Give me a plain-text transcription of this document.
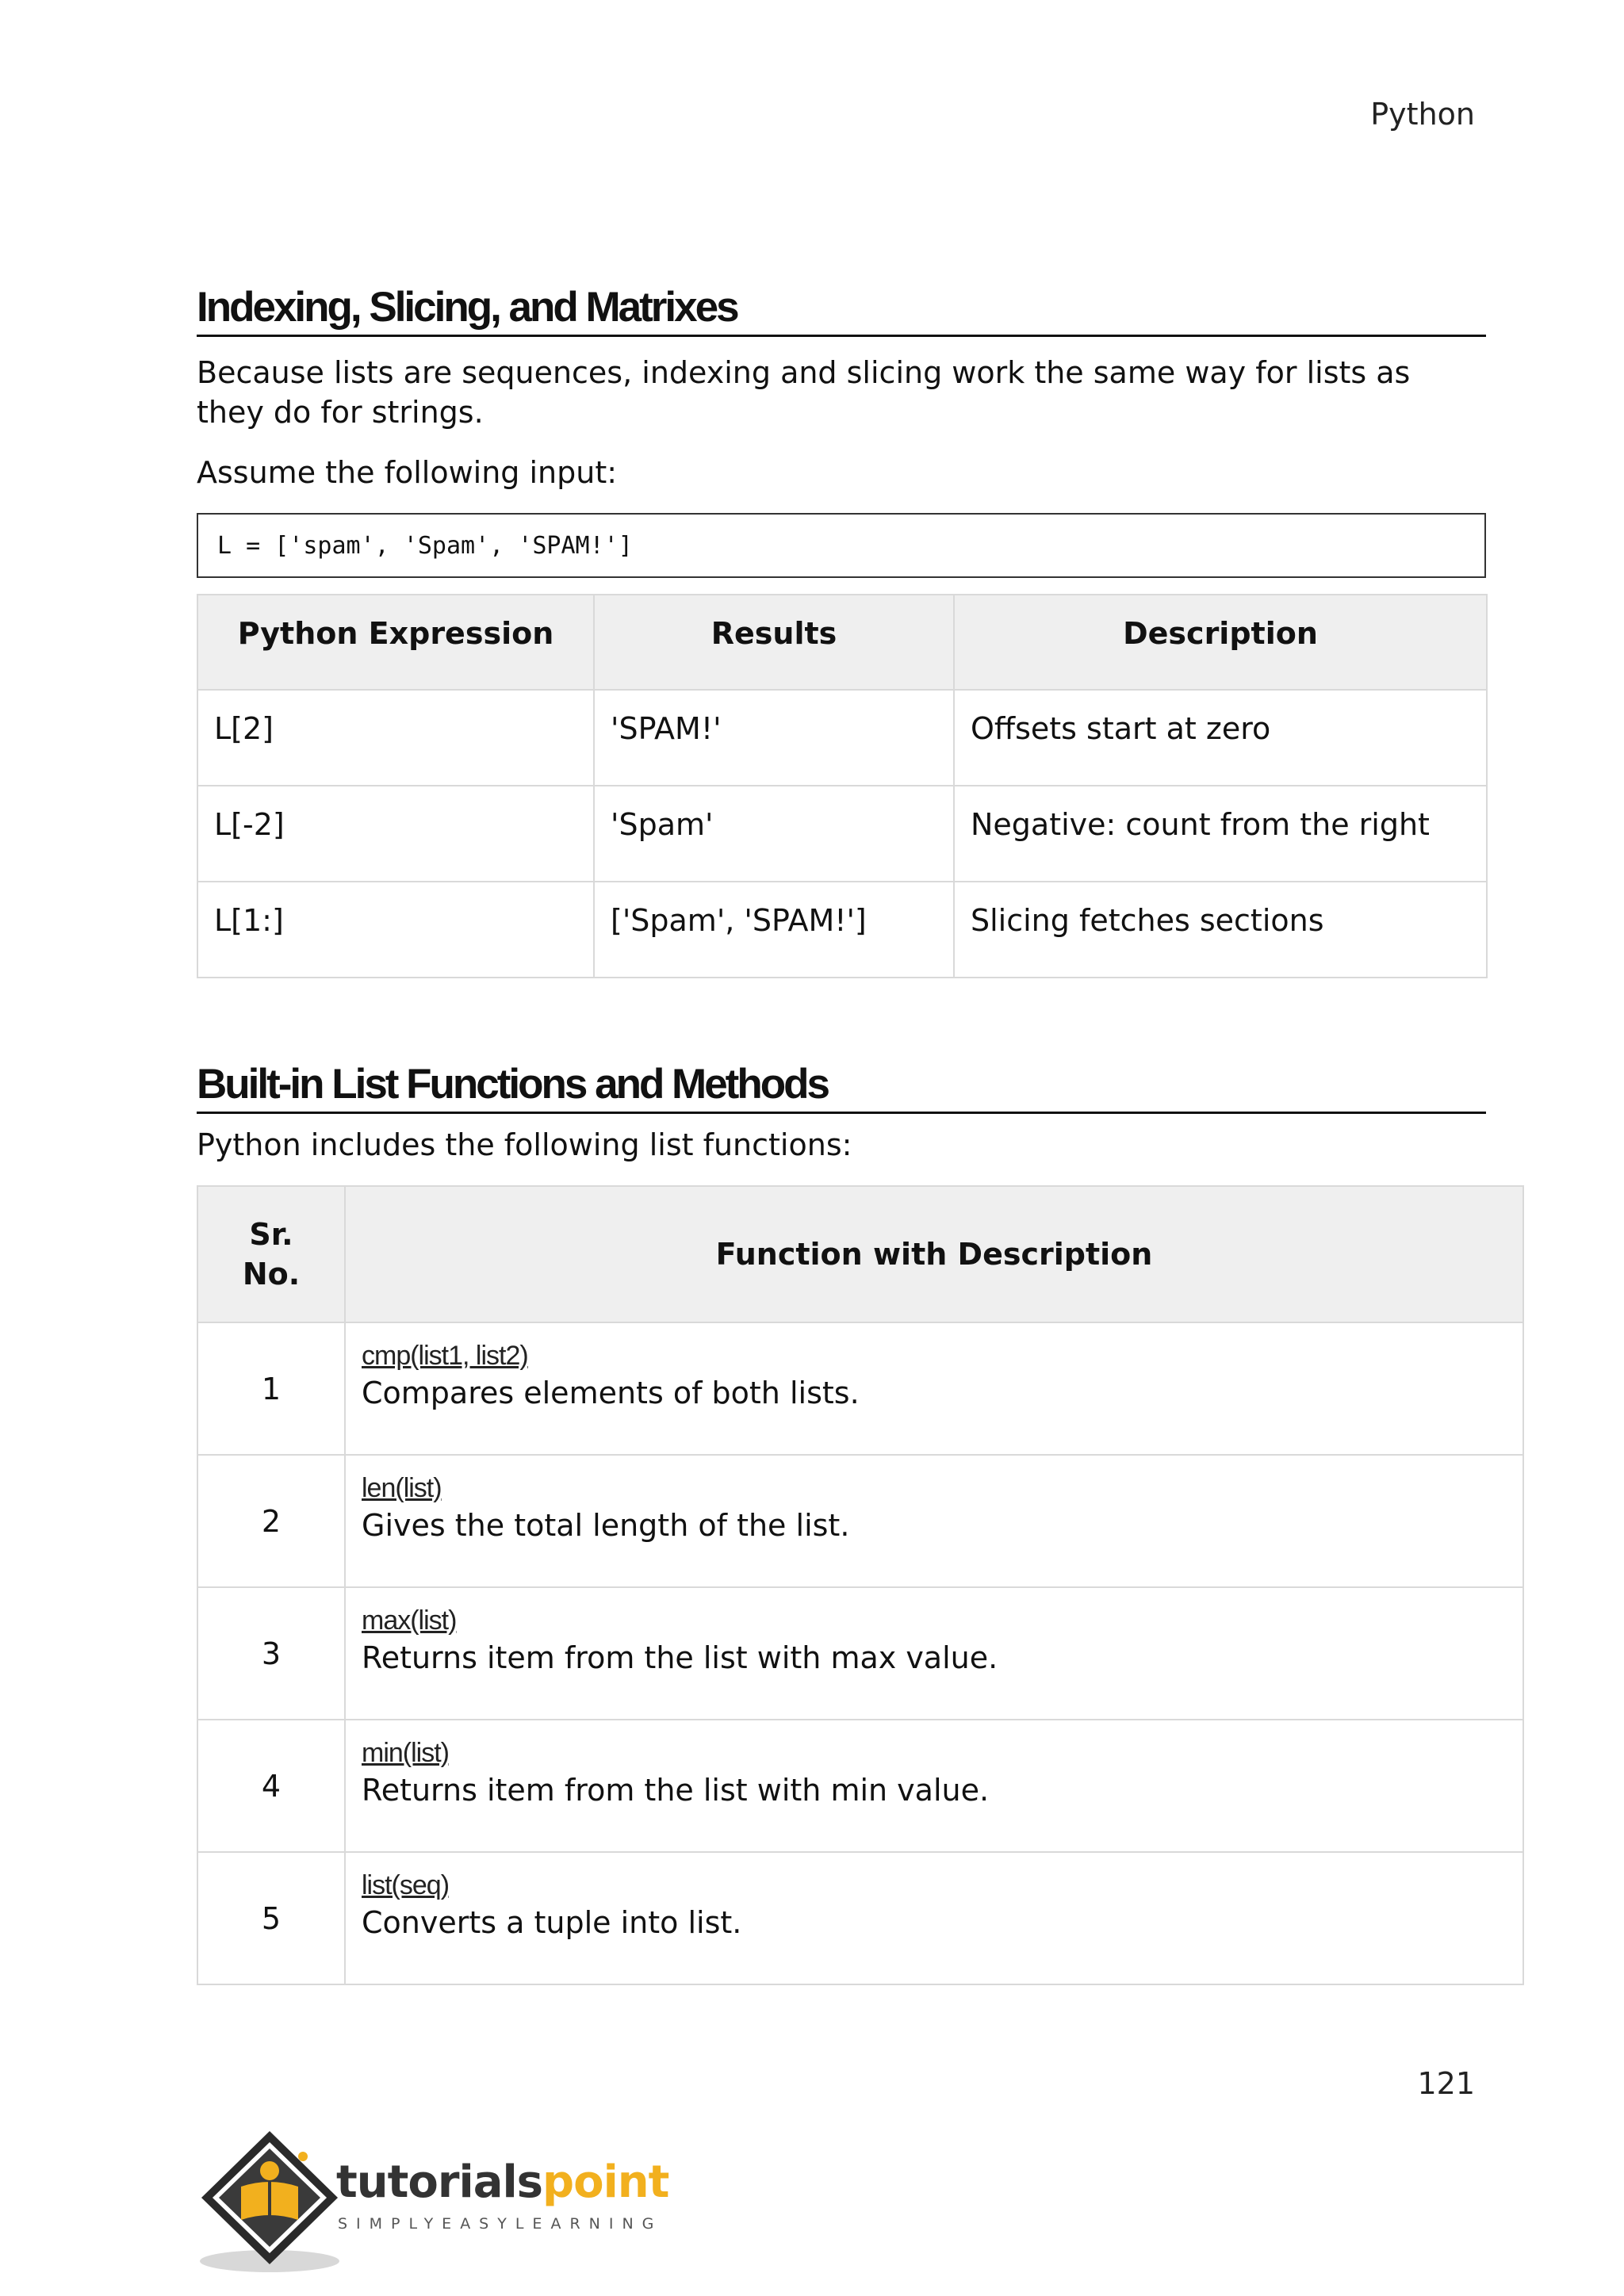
Python
Indexing, Slicing, and Matrixes

Because lists are sequences, indexing and slicing work the same way for lists as they do for strings.

Assume the following input:

L = ['spam', 'Spam', 'SPAM!']
Python Expression	Results	Description
L[2]	'SPAM!'	Offsets start at zero
L[-2]	'Spam'	Negative: count from the right
L[1:]	['Spam', 'SPAM!']	Slicing fetches sections
Built-in List Functions and Methods

Python includes the following list functions:

Sr. No.	Function with Description
1	cmp(list1, list2)
Compares elements of both lists.

2	len(list)
Gives the total length of the list.

3	max(list)
Returns item from the list with max value.

4	min(list)
Returns item from the list with min value.

5	list(seq)
Converts a tuple into list.
121
tutorialspoint
SIMPLYEASYLEARNING
